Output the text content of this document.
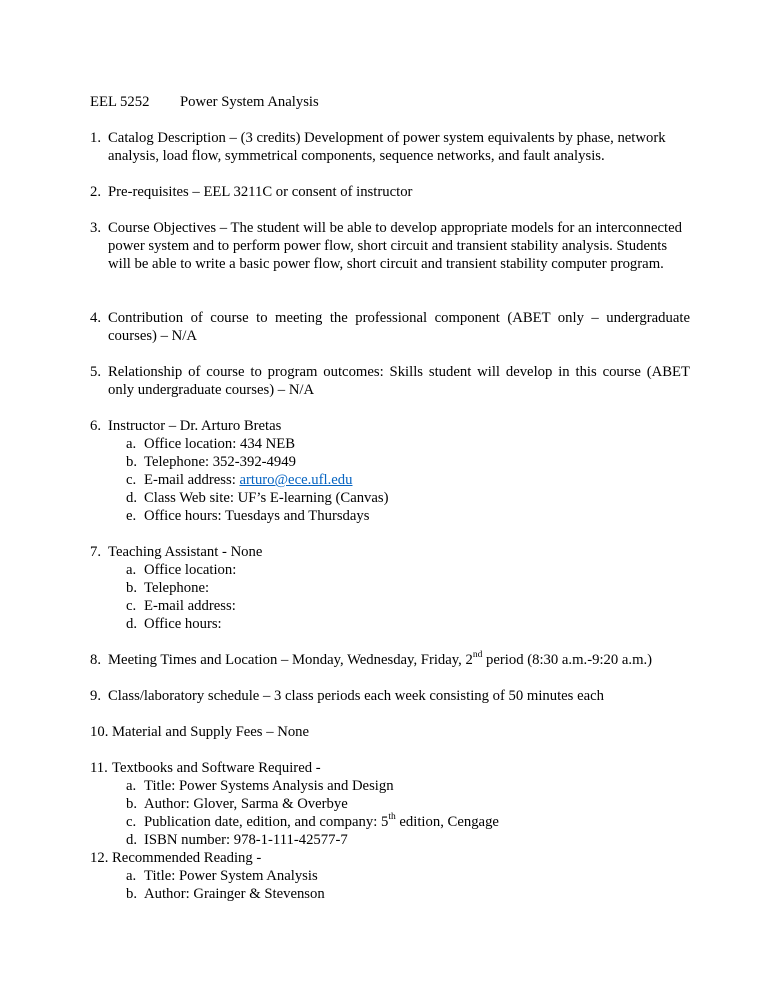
EEL 5252 Power System Analysis
1. Catalog Description – (3 credits) Development of power system equivalents by phase, network analysis, load flow, symmetrical components, sequence networks, and fault analysis.
2. Pre-requisites – EEL 3211C or consent of instructor
3. Course Objectives – The student will be able to develop appropriate models for an interconnected power system and to perform power flow, short circuit and transient stability analysis. Students will be able to write a basic power flow, short circuit and transient stability computer program.
4. Contribution of course to meeting the professional component (ABET only – undergraduate courses) – N/A
5. Relationship of course to program outcomes: Skills student will develop in this course (ABET only undergraduate courses) – N/A
6. Instructor – Dr. Arturo Bretas
a. Office location: 434 NEB
b. Telephone: 352-392-4949
c. E-mail address: arturo@ece.ufl.edu
d. Class Web site: UF’s E-learning (Canvas)
e. Office hours: Tuesdays and Thursdays
7. Teaching Assistant - None
a. Office location:
b. Telephone:
c. E-mail address:
d. Office hours:
8. Meeting Times and Location – Monday, Wednesday, Friday, 2nd period (8:30 a.m.-9:20 a.m.)
9. Class/laboratory schedule – 3 class periods each week consisting of 50 minutes each
10. Material and Supply Fees – None
11. Textbooks and Software Required -
a. Title: Power Systems Analysis and Design
b. Author: Glover, Sarma & Overbye
c. Publication date, edition, and company: 5th edition, Cengage
d. ISBN number: 978-1-111-42577-7
12. Recommended Reading -
a. Title: Power System Analysis
b. Author: Grainger & Stevenson
